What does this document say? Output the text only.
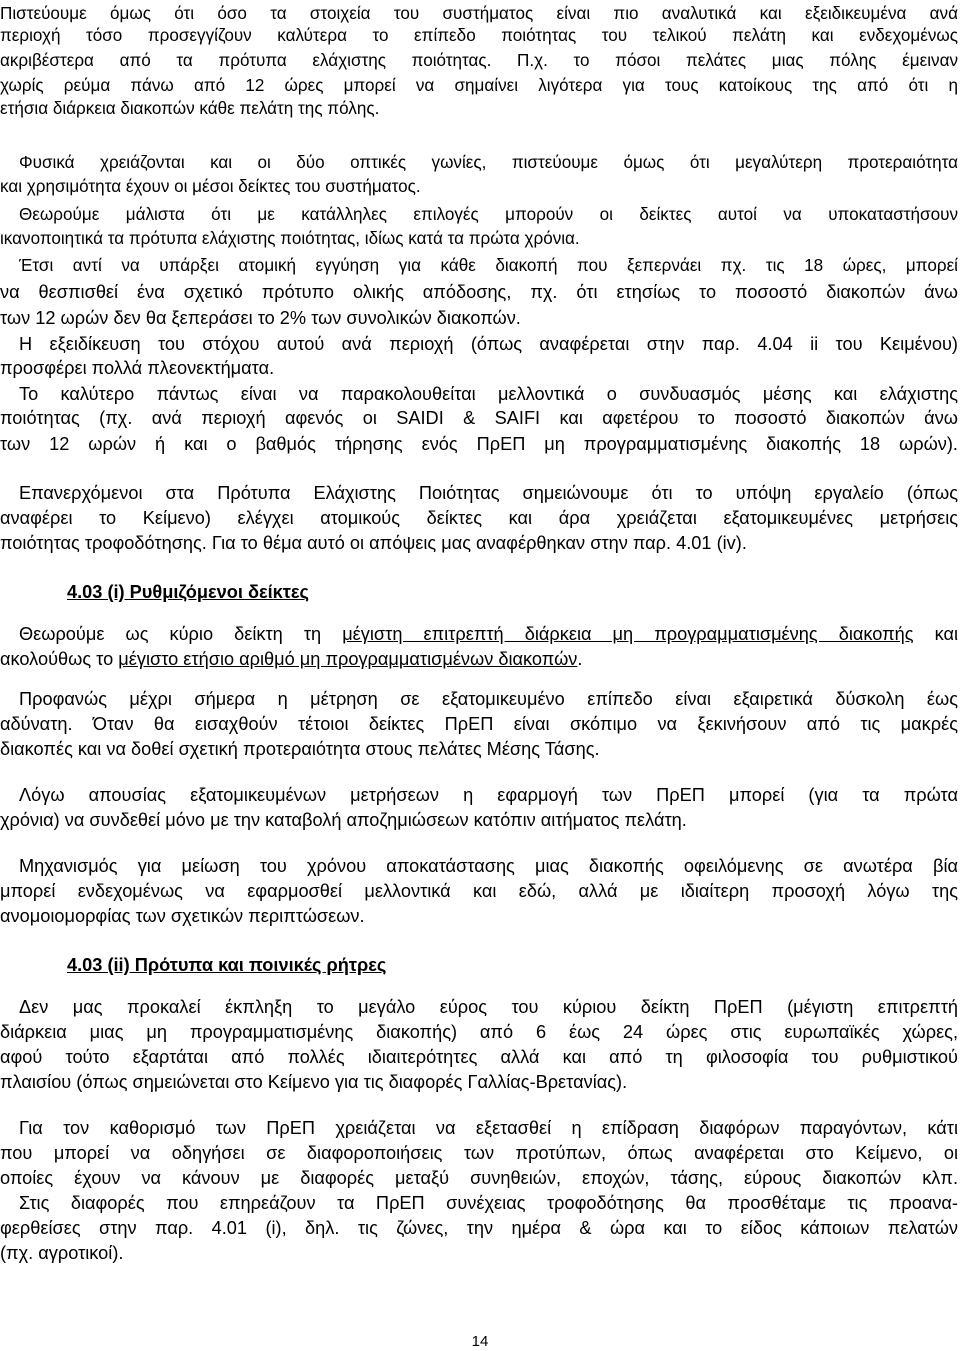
Πιστεύουμε όμως ότι όσο τα στοιχεία του συστήματος είναι πιο αναλυτικά και εξειδικευμένα ανά
περιοχή τόσο προσεγγίζουν καλύτερα το επίπεδο ποιότητας του τελικού πελάτη και ενδεχομένως
ακριβέστερα από τα πρότυπα ελάχιστης ποιότητας. Π.χ. το πόσοι πελάτες μιας πόλης έμειναν
χωρίς ρεύμα πάνω από 12 ώρες μπορεί να σημαίνει λιγότερα για τους κατοίκους της από ότι η
ετήσια διάρκεια διακοπών κάθε πελάτη της πόλης.
Φυσικά χρειάζονται και οι δύο οπτικές γωνίες, πιστεύουμε όμως ότι μεγαλύτερη προτεραιότητα
και χρησιμότητα έχουν οι μέσοι δείκτες του συστήματος.
Θεωρούμε μάλιστα ότι με κατάλληλες επιλογές μπορούν οι δείκτες αυτοί να υποκαταστήσουν
ικανοποιητικά τα πρότυπα ελάχιστης ποιότητας, ιδίως κατά τα πρώτα χρόνια.
Έτσι αντί να υπάρξει ατομική εγγύηση για κάθε διακοπή που ξεπερνάει πχ. τις 18 ώρες, μπορεί
να θεσπισθεί ένα σχετικό πρότυπο ολικής απόδοσης, πχ. ότι ετησίως το ποσοστό διακοπών άνω
των 12 ωρών δεν θα ξεπεράσει το 2% των συνολικών διακοπών.
Η εξειδίκευση του στόχου αυτού ανά περιοχή (όπως αναφέρεται στην παρ. 4.04 ii του Κειμένου)
προσφέρει πολλά πλεονεκτήματα.
Το καλύτερο πάντως είναι να παρακολουθείται μελλοντικά ο συνδυασμός μέσης και ελάχιστης
ποιότητας (πχ. ανά περιοχή αφενός οι SAIDI & SAIFI και αφετέρου το ποσοστό διακοπών άνω
των 12 ωρών ή και ο βαθμός τήρησης ενός ΠρΕΠ μη προγραμματισμένης διακοπής 18 ωρών).
Επανερχόμενοι στα Πρότυπα Ελάχιστης Ποιότητας σημειώνουμε ότι το υπόψη εργαλείο (όπως
αναφέρει το Κείμενο) ελέγχει ατομικούς δείκτες και άρα χρειάζεται εξατομικευμένες μετρήσεις
ποιότητας τροφοδότησης. Για το θέμα αυτό οι απόψεις μας αναφέρθηκαν στην παρ. 4.01 (iv).
4.03 (i) Ρυθμιζόμενοι δείκτες
Θεωρούμε ως κύριο δείκτη τη μέγιστη επιτρεπτή διάρκεια μη προγραμματισμένης διακοπής και
ακολούθως το μέγιστο ετήσιο αριθμό μη προγραμματισμένων διακοπών.
Προφανώς μέχρι σήμερα η μέτρηση σε εξατομικευμένο επίπεδο είναι εξαιρετικά δύσκολη έως
αδύνατη. Όταν θα εισαχθούν τέτοιοι δείκτες ΠρΕΠ είναι σκόπιμο να ξεκινήσουν από τις μακρές
διακοπές και να δοθεί σχετική προτεραιότητα στους πελάτες Μέσης Τάσης.
Λόγω απουσίας εξατομικευμένων μετρήσεων η εφαρμογή των ΠρΕΠ μπορεί (για τα πρώτα
χρόνια) να συνδεθεί μόνο με την καταβολή αποζημιώσεων κατόπιν αιτήματος πελάτη.
Μηχανισμός για μείωση του χρόνου αποκατάστασης μιας διακοπής οφειλόμενης σε ανωτέρα βία
μπορεί ενδεχομένως να εφαρμοσθεί μελλοντικά και εδώ, αλλά με ιδιαίτερη προσοχή λόγω της
ανομοιομορφίας των σχετικών περιπτώσεων.
4.03 (ii) Πρότυπα και ποινικές ρήτρες
Δεν μας προκαλεί έκπληξη το μεγάλο εύρος του κύριου δείκτη ΠρΕΠ (μέγιστη επιτρεπτή
διάρκεια μιας μη προγραμματισμένης διακοπής) από 6 έως 24 ώρες στις ευρωπαϊκές χώρες,
αφού τούτο εξαρτάται από πολλές ιδιαιτερότητες αλλά και από τη φιλοσοφία του ρυθμιστικού
πλαισίου (όπως σημειώνεται στο Κείμενο για τις διαφορές Γαλλίας-Βρετανίας).
Για τον καθορισμό των ΠρΕΠ χρειάζεται να εξετασθεί η επίδραση διαφόρων παραγόντων, κάτι
που μπορεί να οδηγήσει σε διαφοροποιήσεις των προτύπων, όπως αναφέρεται στο Κείμενο, οι
οποίες έχουν να κάνουν με διαφορές μεταξύ συνηθειών, εποχών, τάσης, εύρους διακοπών κλπ.
Στις διαφορές που επηρεάζουν τα ΠρΕΠ συνέχειας τροφοδότησης θα προσθέταμε τις προανα-
φερθείσες στην παρ. 4.01 (i), δηλ. τις ζώνες, την ημέρα & ώρα και το είδος κάποιων πελατών
(πχ. αγροτικοί).
14
